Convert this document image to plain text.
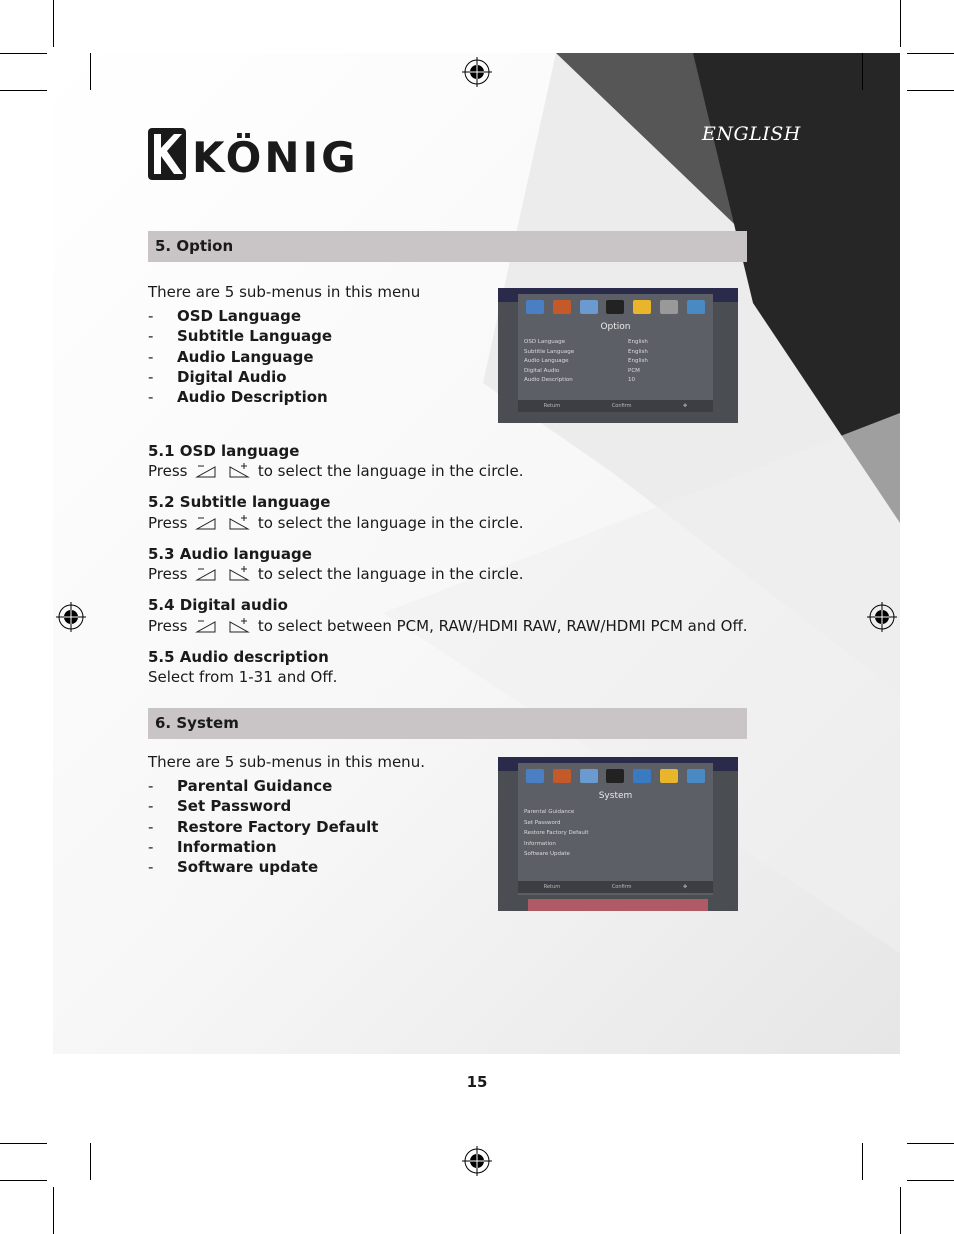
KÖNIG	ENGLISH
5. Option
There are 5 sub-menus in this menu
- OSD Language
- Subtitle Language
- Audio Language
- Digital Audio
- Audio Description
Option
OSD Language	English
Subtitle Language	English
Audio Language	English
Digital Audio	PCM
Audio Description	10
Return	Confirm	✥
5.1 OSD language
Press	to select the language in the circle.
5.2 Subtitle language
Press	to select the language in the circle.
5.3 Audio language
Press	to select the language in the circle.
5.4 Digital audio
Press	to select between PCM, RAW/HDMI RAW, RAW/HDMI PCM and Off.
5.5 Audio description
Select from 1-31 and Off.
6. System
There are 5 sub-menus in this menu.
- Parental Guidance
- Set Password
- Restore Factory Default
- Information
- Software update
System
Parental Guidance
Set Password
Restore Factory Default
Information
Software Update
Return	Confirm	✥
15
